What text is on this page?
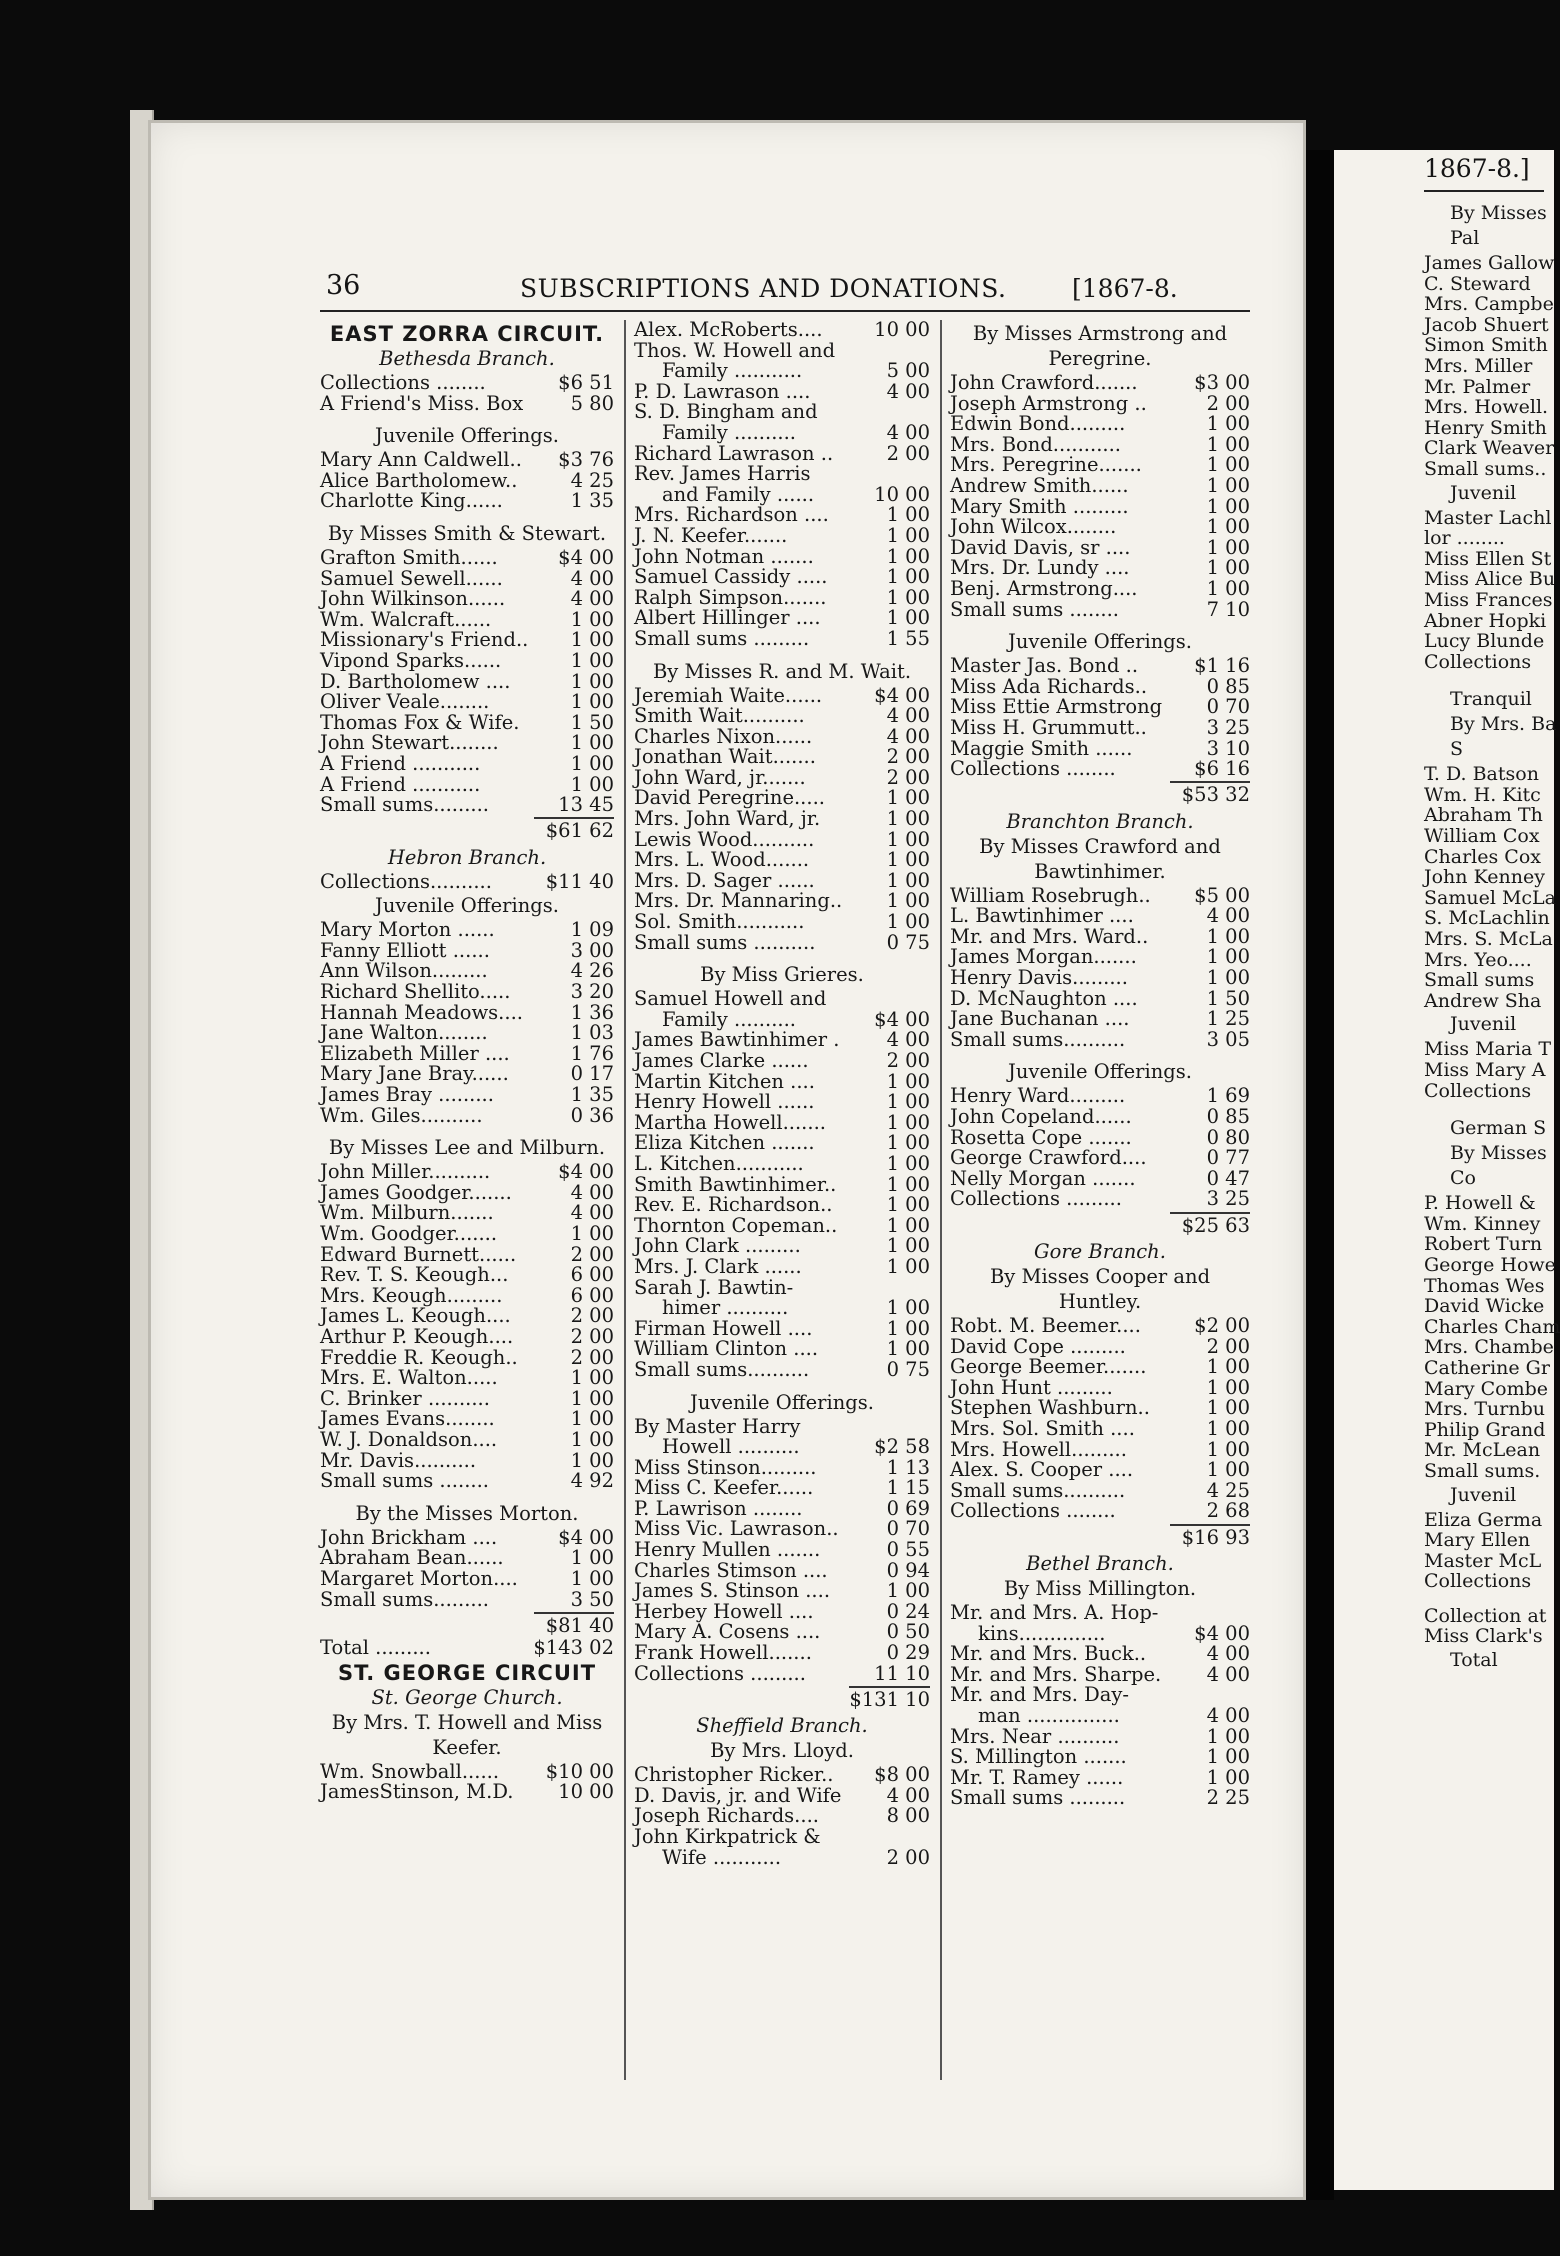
36	SUBSCRIPTIONS AND DONATIONS.	[1867-8.
EAST ZORRA CIRCUIT.
Bethesda Branch.
Collections ........	$6 51
A Friend's Miss. Box	5 80
Juvenile Offerings.
Mary Ann Caldwell..	$3 76
Alice Bartholomew..	4 25
Charlotte King......	1 35
By Misses Smith & Stewart.
Grafton Smith......	$4 00
Samuel Sewell......	4 00
John Wilkinson......	4 00
Wm. Walcraft......	1 00
Missionary's Friend..	1 00
Vipond Sparks......	1 00
D. Bartholomew ....	1 00
Oliver Veale........	1 00
Thomas Fox & Wife.	1 50
John Stewart........	1 00
A Friend ...........	1 00
A Friend ...........	1 00
Small sums.........	13 45
$61 62
Hebron Branch.
Collections..........	$11 40
Juvenile Offerings.
Mary Morton ......	1 09
Fanny Elliott ......	3 00
Ann Wilson.........	4 26
Richard Shellito.....	3 20
Hannah Meadows....	1 36
Jane Walton........	1 03
Elizabeth Miller ....	1 76
Mary Jane Bray......	0 17
James Bray .........	1 35
Wm. Giles..........	0 36
By Misses Lee and Milburn.
John Miller..........	$4 00
James Goodger.......	4 00
Wm. Milburn.......	4 00
Wm. Goodger.......	1 00
Edward Burnett......	2 00
Rev. T. S. Keough...	6 00
Mrs. Keough.........	6 00
James L. Keough....	2 00
Arthur P. Keough....	2 00
Freddie R. Keough..	2 00
Mrs. E. Walton.....	1 00
C. Brinker ..........	1 00
James Evans........	1 00
W. J. Donaldson....	1 00
Mr. Davis..........	1 00
Small sums ........	4 92
By the Misses Morton.
John Brickham ....	$4 00
Abraham Bean......	1 00
Margaret Morton....	1 00
Small sums.........	3 50
$81 40
Total .........	$143 02
ST. GEORGE CIRCUIT
St. George Church.
By Mrs. T. Howell and Miss
Keefer.
Wm. Snowball......	$10 00
JamesStinson, M.D.	10 00
Alex. McRoberts....	10 00
Thos. W. Howell and
Family ...........	5 00
P. D. Lawrason ....	4 00
S. D. Bingham and
Family ..........	4 00
Richard Lawrason ..	2 00
Rev. James Harris
and Family ......	10 00
Mrs. Richardson ....	1 00
J. N. Keefer.......	1 00
John Notman .......	1 00
Samuel Cassidy .....	1 00
Ralph Simpson.......	1 00
Albert Hillinger ....	1 00
Small sums .........	1 55
By Misses R. and M. Wait.
Jeremiah Waite......	$4 00
Smith Wait..........	4 00
Charles Nixon......	4 00
Jonathan Wait.......	2 00
John Ward, jr.......	2 00
David Peregrine.....	1 00
Mrs. John Ward, jr.	1 00
Lewis Wood..........	1 00
Mrs. L. Wood.......	1 00
Mrs. D. Sager ......	1 00
Mrs. Dr. Mannaring..	1 00
Sol. Smith...........	1 00
Small sums ..........	0 75
By Miss Grieres.
Samuel Howell and
Family ..........	$4 00
James Bawtinhimer .	4 00
James Clarke ......	2 00
Martin Kitchen ....	1 00
Henry Howell ......	1 00
Martha Howell.......	1 00
Eliza Kitchen .......	1 00
L. Kitchen...........	1 00
Smith Bawtinhimer..	1 00
Rev. E. Richardson..	1 00
Thornton Copeman..	1 00
John Clark .........	1 00
Mrs. J. Clark ......	1 00
Sarah J. Bawtin-
himer ..........	1 00
Firman Howell ....	1 00
William Clinton ....	1 00
Small sums..........	0 75
Juvenile Offerings.
By Master Harry
Howell ..........	$2 58
Miss Stinson.........	1 13
Miss C. Keefer......	1 15
P. Lawrison ........	0 69
Miss Vic. Lawrason..	0 70
Henry Mullen .......	0 55
Charles Stimson ....	0 94
James S. Stinson ....	1 00
Herbey Howell ....	0 24
Mary A. Cosens ....	0 50
Frank Howell.......	0 29
Collections .........	11 10
$131 10
Sheffield Branch.
By Mrs. Lloyd.
Christopher Ricker..	$8 00
D. Davis, jr. and Wife	4 00
Joseph Richards....	8 00
John Kirkpatrick &
Wife ...........	2 00
By Misses Armstrong and
Peregrine.
John Crawford.......	$3 00
Joseph Armstrong ..	2 00
Edwin Bond.........	1 00
Mrs. Bond...........	1 00
Mrs. Peregrine.......	1 00
Andrew Smith......	1 00
Mary Smith .........	1 00
John Wilcox........	1 00
David Davis, sr ....	1 00
Mrs. Dr. Lundy ....	1 00
Benj. Armstrong....	1 00
Small sums ........	7 10
Juvenile Offerings.
Master Jas. Bond ..	$1 16
Miss Ada Richards..	0 85
Miss Ettie Armstrong	0 70
Miss H. Grummutt..	3 25
Maggie Smith ......	3 10
Collections ........	$6 16
$53 32
Branchton Branch.
By Misses Crawford and
Bawtinhimer.
William Rosebrugh..	$5 00
L. Bawtinhimer ....	4 00
Mr. and Mrs. Ward..	1 00
James Morgan.......	1 00
Henry Davis.........	1 00
D. McNaughton ....	1 50
Jane Buchanan ....	1 25
Small sums..........	3 05
Juvenile Offerings.
Henry Ward.........	1 69
John Copeland......	0 85
Rosetta Cope .......	0 80
George Crawford....	0 77
Nelly Morgan .......	0 47
Collections .........	3 25
$25 63
Gore Branch.
By Misses Cooper and
Huntley.
Robt. M. Beemer....	$2 00
David Cope .........	2 00
George Beemer.......	1 00
John Hunt .........	1 00
Stephen Washburn..	1 00
Mrs. Sol. Smith ....	1 00
Mrs. Howell.........	1 00
Alex. S. Cooper ....	1 00
Small sums..........	4 25
Collections ........	2 68
$16 93
Bethel Branch.
By Miss Millington.
Mr. and Mrs. A. Hop-
kins..............	$4 00
Mr. and Mrs. Buck..	4 00
Mr. and Mrs. Sharpe.	4 00
Mr. and Mrs. Day-
man ...............	4 00
Mrs. Near ..........	1 00
S. Millington .......	1 00
Mr. T. Ramey ......	1 00
Small sums .........	2 25
1867-8.]
By Misses
Pal
James Gallow
C. Steward
Mrs. Campbe
Jacob Shuert
Simon Smith
Mrs. Miller
Mr. Palmer
Mrs. Howell.
Henry Smith
Clark Weaver
Small sums..
Juvenil
Master Lachl
lor ........
Miss Ellen St
Miss Alice Bu
Miss Frances
Abner Hopki
Lucy Blunde
Collections
Tranquil
By Mrs. Ba
S
T. D. Batson
Wm. H. Kitc
Abraham Th
William Cox
Charles Cox
John Kenney
Samuel McLa
S. McLachlin
Mrs. S. McLa
Mrs. Yeo....
Small sums
Andrew Sha
Juvenil
Miss Maria T
Miss Mary A
Collections
German S
By Misses
Co
P. Howell &
Wm. Kinney
Robert Turn
George Howe
Thomas Wes
David Wicke
Charles Cham
Mrs. Chambe
Catherine Gr
Mary Combe
Mrs. Turnbu
Philip Grand
Mr. McLean
Small sums.
Juvenil
Eliza Germa
Mary Ellen
Master McL
Collections
Collection at
Miss Clark's
Total
